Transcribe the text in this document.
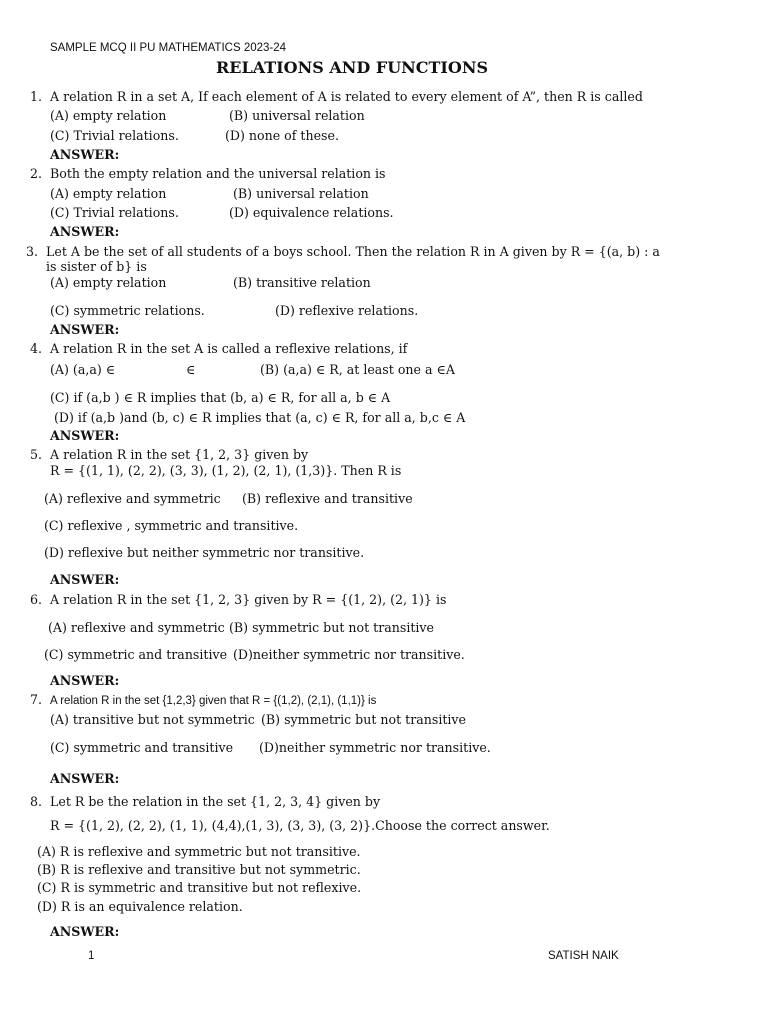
SAMPLE MCQ II PU MATHEMATICS 2023-24
RELATIONS AND FUNCTIONS
1. A relation R in a set A, If each element of A is related to every element of A”, then R is called
(A) empty relation	(B) universal relation
(C) Trivial relations.	(D) none of these.
ANSWER:
2. Both the empty relation and the universal relation is
(A) empty relation	(B) universal relation
(C) Trivial relations.	(D) equivalence relations.
ANSWER:
3. Let A be the set of all students of a boys school. Then the relation R in A given by R = {(a, b) : a
is sister of b} is
(A) empty relation	(B) transitive relation
(C) symmetric relations.	(D) reflexive relations.
ANSWER:
4. A relation R in the set A is called a reflexive relations, if
(A) (a,a) ∈	∈	(B) (a,a) ∈ R, at least one a ∈A
(C) if (a,b ) ∈ R implies that (b, a) ∈ R, for all a, b ∈ A
(D) if (a,b )and (b, c) ∈ R implies that (a, c) ∈ R, for all a, b,c ∈ A
ANSWER:
5. A relation R in the set {1, 2, 3} given by
R = {(1, 1), (2, 2), (3, 3), (1, 2), (2, 1), (1,3)}. Then R is
(A) reflexive and symmetric (B) reflexive and transitive
(C) reflexive , symmetric and transitive.
(D) reflexive but neither symmetric nor transitive.
ANSWER:
6. A relation R in the set {1, 2, 3} given by R = {(1, 2), (2, 1)} is
(A) reflexive and symmetric (B) symmetric but not transitive
(C) symmetric and transitive (D)neither symmetric nor transitive.
ANSWER:
7. A relation R in the set {1,2,3} given that R = {(1,2), (2,1), (1,1)} is
(A) transitive but not symmetric (B) symmetric but not transitive
(C) symmetric and transitive (D)neither symmetric nor transitive.
ANSWER:
8. Let R be the relation in the set {1, 2, 3, 4} given by
R = {(1, 2), (2, 2), (1, 1), (4,4),(1, 3), (3, 3), (3, 2)}.Choose the correct answer.
(A) R is reflexive and symmetric but not transitive.
(B) R is reflexive and transitive but not symmetric.
(C) R is symmetric and transitive but not reflexive.
(D) R is an equivalence relation.
ANSWER:
1	SATISH NAIK
